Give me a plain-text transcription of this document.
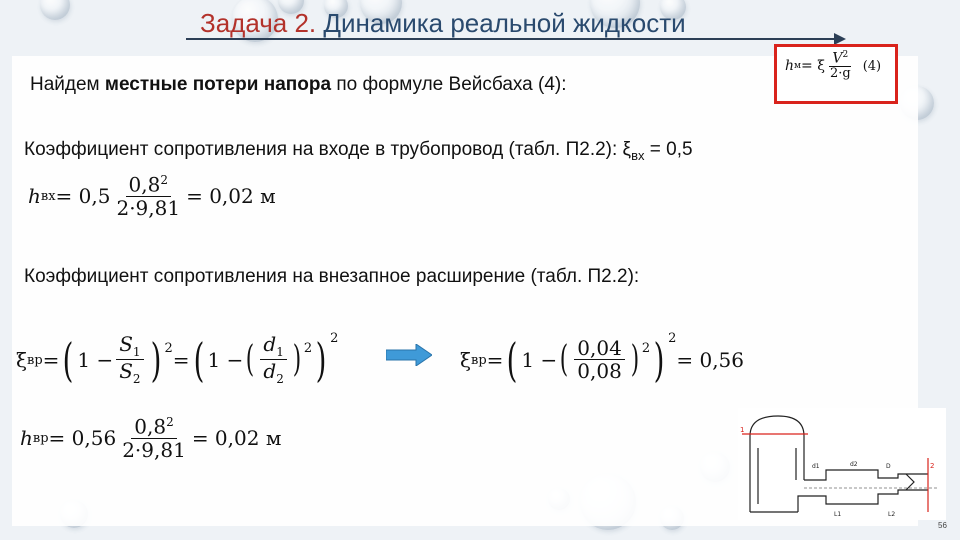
Задача 2. Динамика реальной жидкости
Найдем местные потери напора по формуле Вейсбаха (4):
h м = ξ $\frac{V^2}{2\cdot g} (4)$
Коэффициент сопротивления на входе в трубопровод (табл. П2.2): $\xi_{вх} = 0,5$
h вх = $0,5 \frac{0,8^2}{2\cdot 9,81} = 0,02$ м
Коэффициент сопротивления на внезапное расширение (табл. П2.2):
ξ вр = ( $1 - \frac{S_1}{S_2}$ ) 2 = ( 1 − ( $\frac{d_1}{d_2}$ ) 2 ) 2
ξ вр = ( 1 − ( $\frac{0,04}{0,08}$ ) 2 ) 2
= 0,56
h вр = $0,56 \frac{0,8^2}{2\cdot 9,81} = 0,02$ м
d1	d2	D
L1	L2
1
2
56
